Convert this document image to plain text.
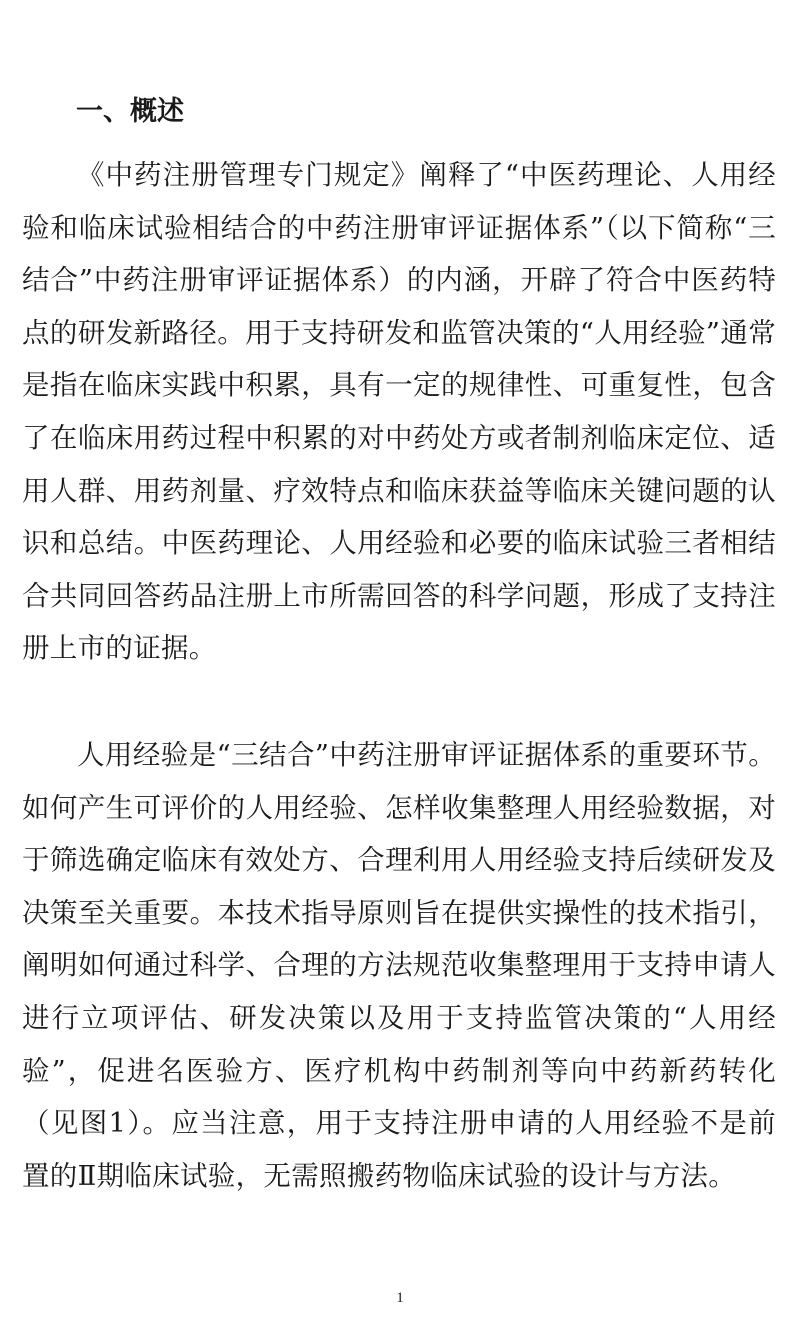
一、概述

《中药注册管理专门规定》阐释了“中医药理论、人用经验和临床试验相结合的中药注册审评证据体系”（以下简称“三结合”中药注册审评证据体系）的内涵，开辟了符合中医药特点的研发新路径。用于支持研发和监管决策的“人用经验”通常是指在临床实践中积累，具有一定的规律性、可重复性，包含了在临床用药过程中积累的对中药处方或者制剂临床定位、适用人群、用药剂量、疗效特点和临床获益等临床关键问题的认识和总结。中医药理论、人用经验和必要的临床试验三者相结合共同回答药品注册上市所需回答的科学问题，形成了支持注册上市的证据。

人用经验是“三结合”中药注册审评证据体系的重要环节。如何产生可评价的人用经验、怎样收集整理人用经验数据，对于筛选确定临床有效处方、合理利用人用经验支持后续研发及决策至关重要。本技术指导原则旨在提供实操性的技术指引，阐明如何通过科学、合理的方法规范收集整理用于支持申请人进行立项评估、研发决策以及用于支持监管决策的“人用经验”，促进名医验方、医疗机构中药制剂等向中药新药转化（见图1）。应当注意，用于支持注册申请的人用经验不是前置的Ⅱ期临床试验，无需照搬药物临床试验的设计与方法。

1
